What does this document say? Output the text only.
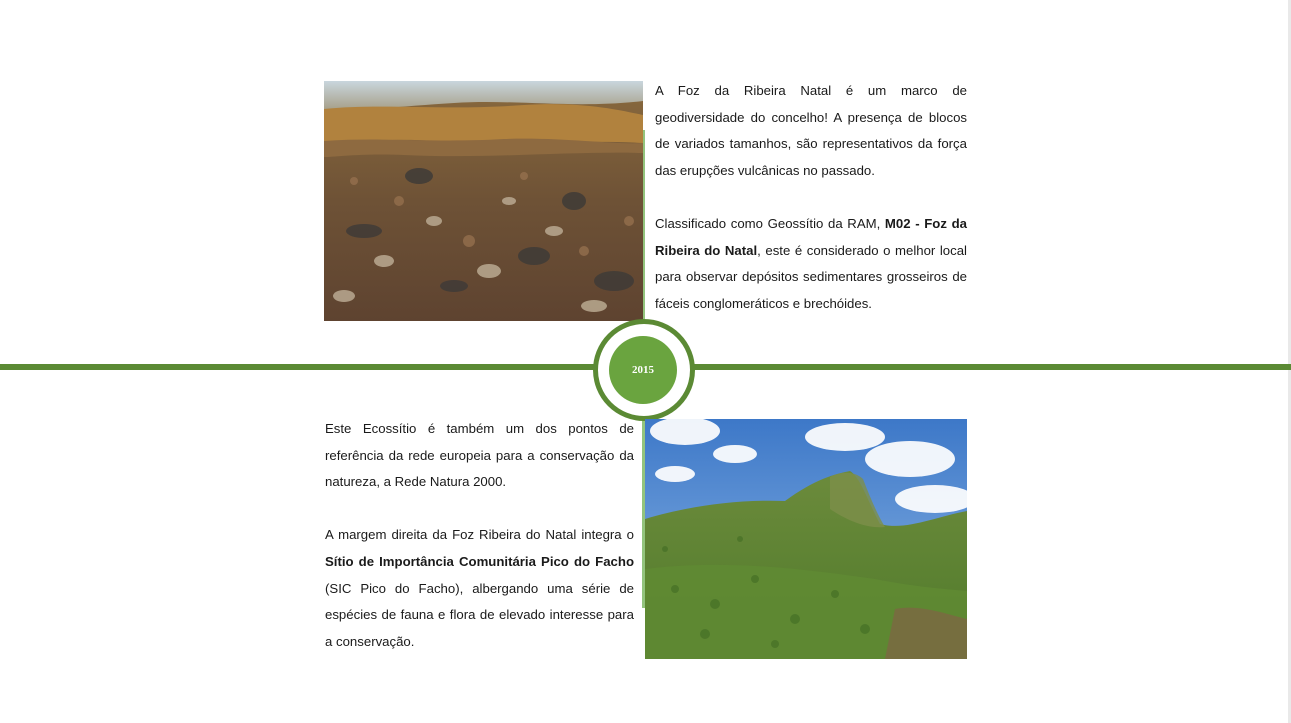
A Foz da Ribeira Natal é um marco de geodiversidade do concelho! A presença de blocos de variados tamanhos, são representativos da força das erupções vulcânicas no passado.

Classificado como Geossítio da RAM, M02 - Foz da Ribeira do Natal, este é considerado o melhor local para observar depósitos sedimentares grosseiros de fáceis conglomeráticos e brechóides.

2015

Este Ecossítio é também um dos pontos de referência da rede europeia para a conservação da natureza, a Rede Natura 2000.

A margem direita da Foz Ribeira do Natal integra o Sítio de Importância Comunitária Pico do Facho (SIC Pico do Facho), albergando uma série de espécies de fauna e flora de elevado interesse para a conservação.
